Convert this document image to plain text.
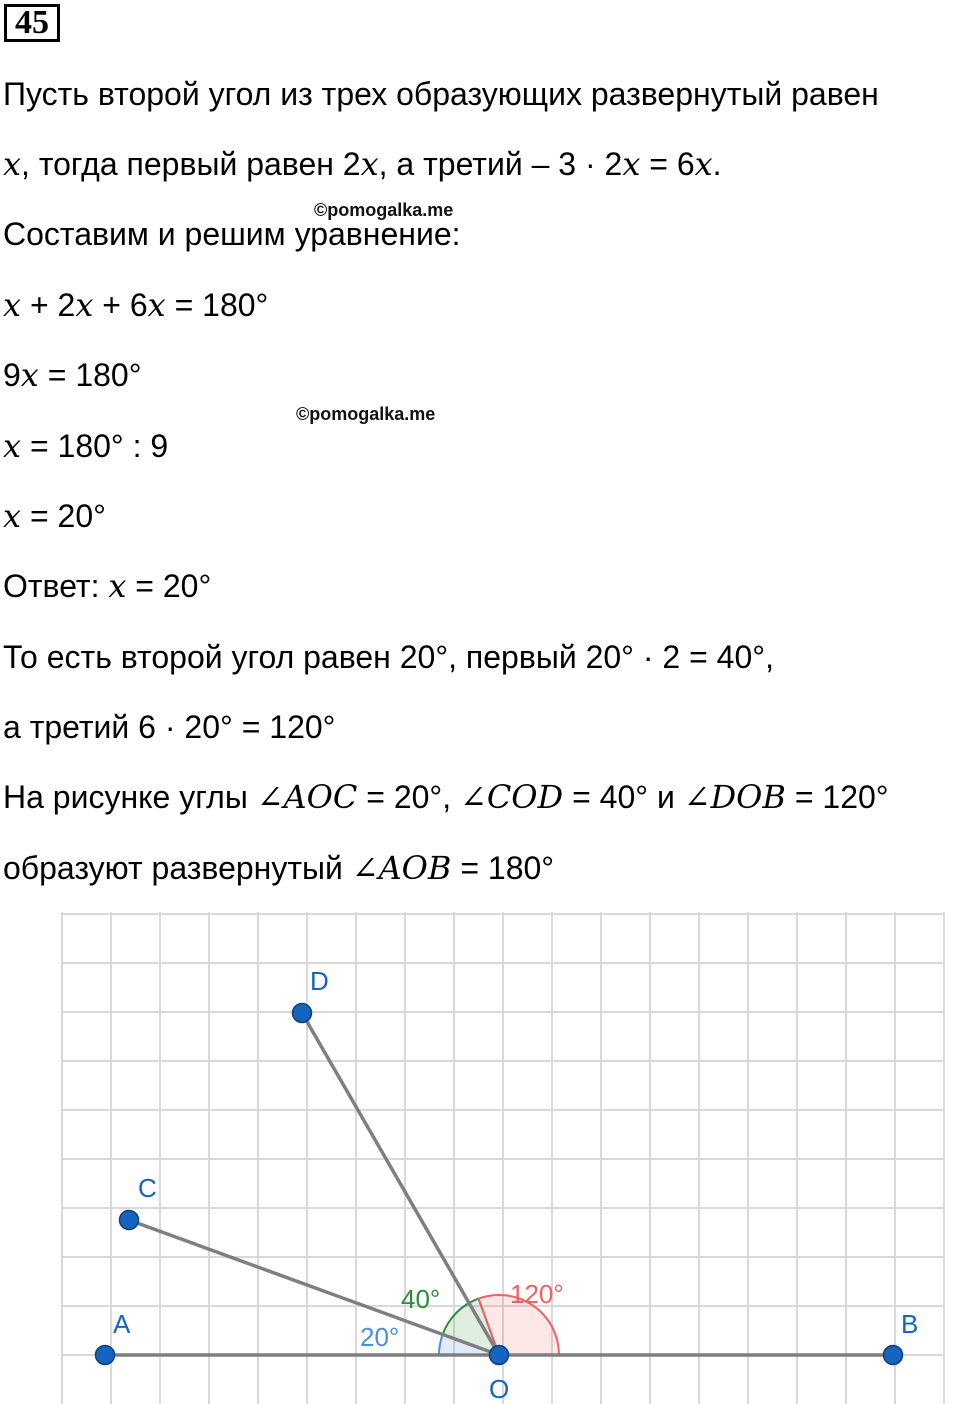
45
Пусть второй угол из трех образующих развернутый равен
x, тогда первый равен 2x, а третий – 3 · 2x = 6x.
©pomogalka.me
Составим и решим уравнение:
x + 2x + 6x = 180°
9x = 180°
©pomogalka.me
x = 180° : 9
x = 20°
Ответ: x = 20°
То есть второй угол равен 20°, первый 20° · 2 = 40°,
а третий 6 · 20° = 120°
На рисунке углы ∠AOC = 20°, ∠COD = 40° и ∠DOB = 120°
образуют развернутый ∠AOB = 180°
A	B
C
D
O
20°
40°	120°
